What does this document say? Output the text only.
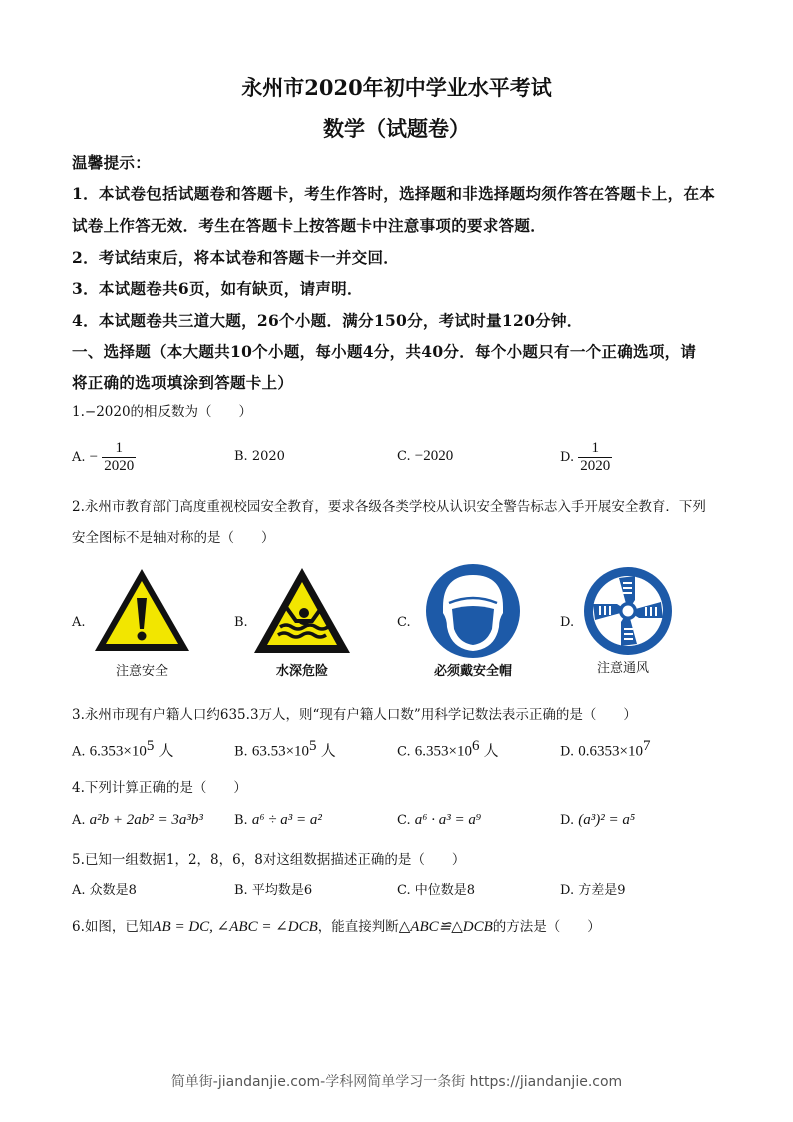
永州市2020年初中学业水平考试
数学（试题卷）
温馨提示：
1．本试卷包括试题卷和答题卡，考生作答时，选择题和非选择题均须作答在答题卡上，在本
试卷上作答无效．考生在答题卡上按答题卡中注意事项的要求答题．
2．考试结束后，将本试卷和答题卡一并交回．
3．本试题卷共6页，如有缺页，请声明．
4．本试题卷共三道大题，26个小题．满分150分，考试时量120分钟．
一、选择题（本大题共10个小题，每小题4分，共40分．每个小题只有一个正确选项，请
将正确的选项填涂到答题卡上）
1.−2020的相反数为（　　）
A. − $\frac{1}{2020}$	B. 2020	C. −2020	D. $\frac{1}{2020}$
2.永州市教育部门高度重视校园安全教育，要求各级各类学校从认识安全警告标志入手开展安全教育．下列
安全图标不是轴对称的是（　　）
A.
注意安全
B.
水深危险
C.
必须戴安全帽
D.
注意通风
3.永州市现有户籍人口约635.3万人，则“现有户籍人口数”用科学记数法表示正确的是（　　）
A. $6.353\times 10^5$ 人	B. $63.53\times 10^5$ 人	C. $6.353\times 10^6$ 人	D. $0.6353\times 10^7$
4.下列计算正确的是（　　）
A. a²b + 2ab² = 3a³b³ B. a⁶ ÷ a³ = a²	C. a⁶ · a³ = a⁹	D. (a³)² = a⁵
5.已知一组数据1，2，8，6，8对这组数据描述正确的是（　　）
A. 众数是8	B. 平均数是6	C. 中位数是8	D. 方差是9
6.如图，已知AB = DC, ∠ABC = ∠DCB，能直接判断△ABC≌△DCB的方法是（　　）
简单街-jiandanjie.com-学科网简单学习一条街 https://jiandanjie.com
